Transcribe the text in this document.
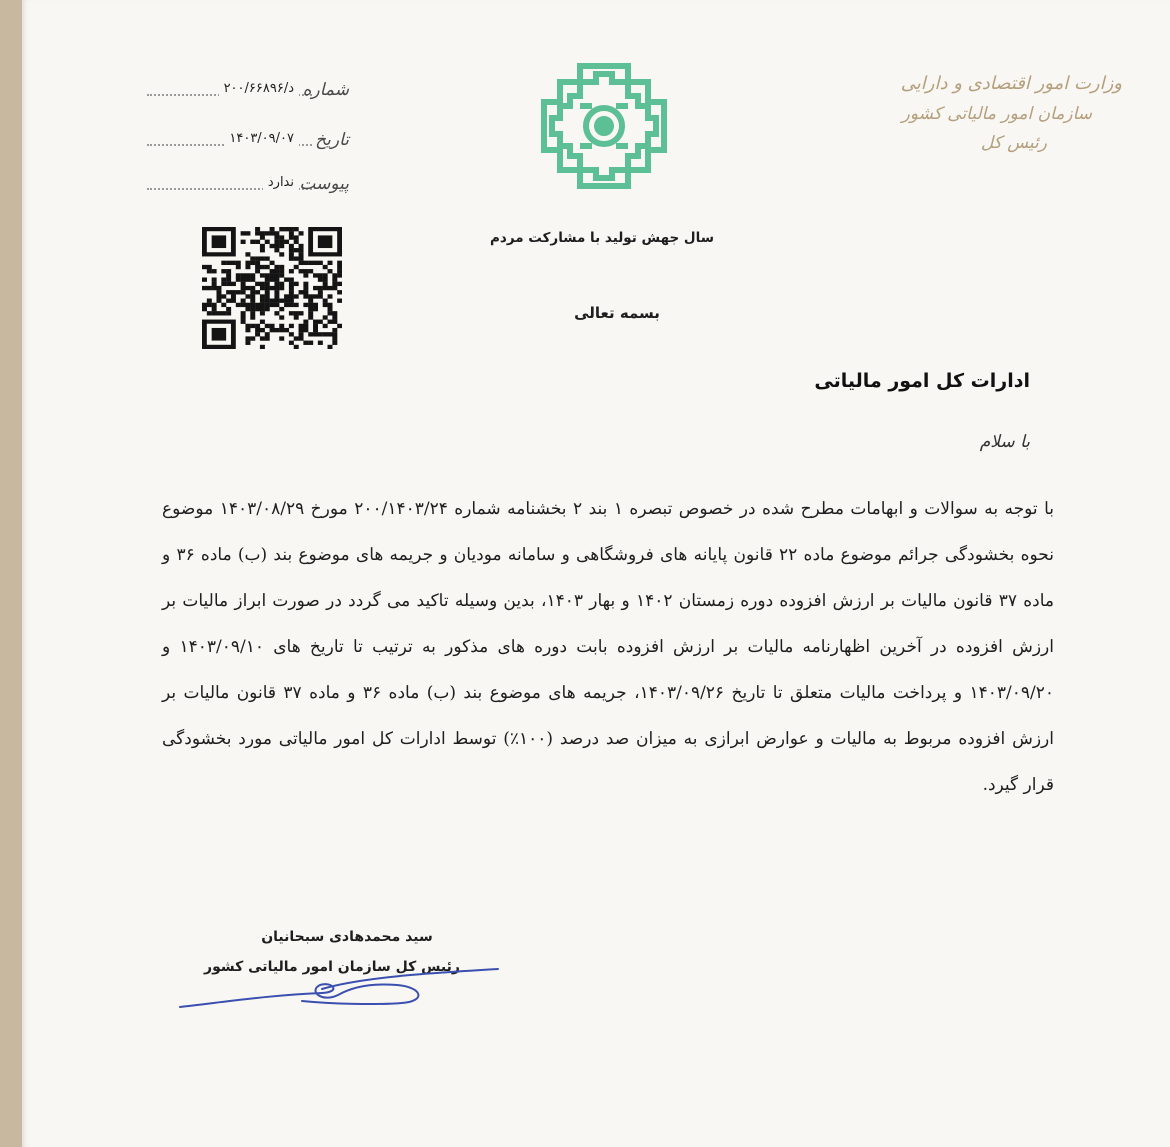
وزارت امور اقتصادی و دارایی
سازمان امور مالیاتی کشور
رئیس کل
سال جهش تولید با مشارکت مردم
بسمه تعالی
شماره
د/۲۰۰/۶۶۸۹۶
تاریخ
۱۴۰۳/۰۹/۰۷
پیوست
ندارد
ادارات کل امور مالیاتی
با سلام
با توجه به سوالات و ابهامات مطرح شده در خصوص تبصره ۱ بند ۲ بخشنامه شماره ۲۰۰/۱۴۰۳/۲۴ مورخ ۱۴۰۳/۰۸/۲۹ موضوع نحوه بخشودگی جرائم موضوع ماده ۲۲ قانون پایانه های فروشگاهی و سامانه مودیان و جریمه های موضوع بند (ب) ماده ۳۶ و ماده ۳۷ قانون مالیات بر ارزش افزوده دوره زمستان ۱۴۰۲ و بهار ۱۴۰۳، بدین وسیله تاکید می گردد در صورت ابراز مالیات بر ارزش افزوده در آخرین اظهارنامه مالیات بر ارزش افزوده بابت دوره های مذکور به ترتیب تا تاریخ های ۱۴۰۳/۰۹/۱۰ و ۱۴۰۳/۰۹/۲۰ و پرداخت مالیات متعلق تا تاریخ ۱۴۰۳/۰۹/۲۶، جریمه های موضوع بند (ب) ماده ۳۶ و ماده ۳۷ قانون مالیات بر ارزش افزوده مربوط به مالیات و عوارض ابرازی به میزان صد درصد (۱۰۰٪) توسط ادارات کل امور مالیاتی مورد بخشودگی قرار گیرد.
سید محمدهادی سبحانیان
رئیس کل سازمان امور مالیاتی کشور
